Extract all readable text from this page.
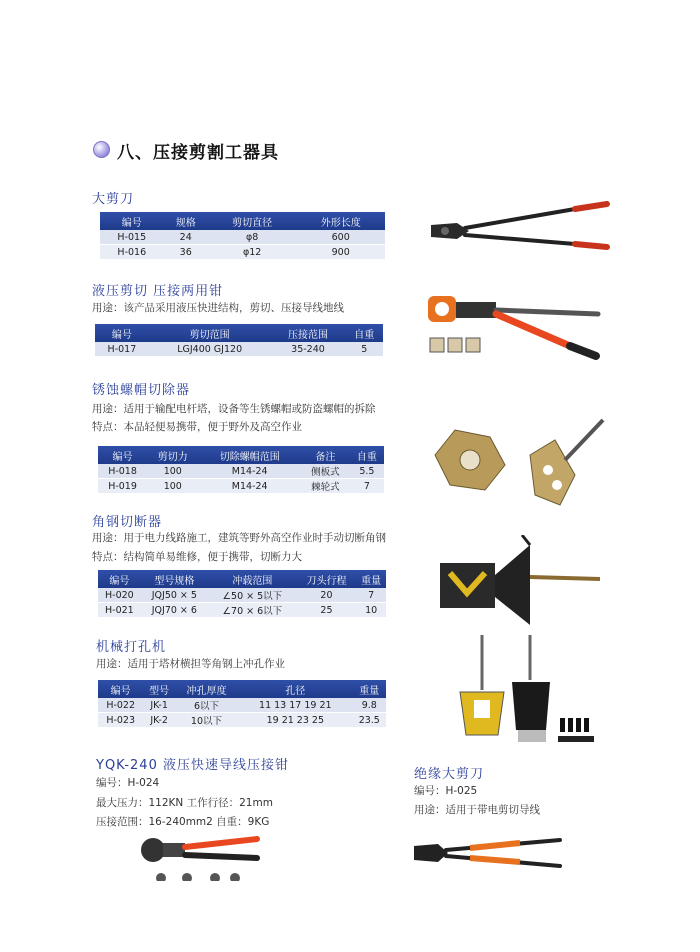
八、压接剪割工器具
大剪刀
编号	规格	剪切直径	外形长度
H-015	24	φ8	600
H-016	36	φ12	900
液压剪切 压接两用钳
用途：该产品采用液压快进结构，剪切、压接导线地线
编号	剪切范围	压接范围	自重
H-017	LGJ400 GJ120	35-240	5
锈蚀螺帽切除器
用途：适用于输配电杆塔，设备等生锈螺帽或防盗螺帽的拆除
特点：本品轻便易携带，便于野外及高空作业
编号	剪切力	切除螺帽范围	备注	自重
H-018	100	M14-24	侧板式	5.5
H-019	100	M14-24	棘轮式	7
角钢切断器
用途：用于电力线路施工，建筑等野外高空作业时手动切断角钢
特点：结构简单易维修，便于携带，切断力大
编号	型号规格	冲载范围	刀头行程	重量
H-020	JQJ50 × 5	∠50 × 5以下	20	7
H-021	JQJ70 × 6	∠70 × 6以下	25	10
机械打孔机
用途：适用于塔材横担等角钢上冲孔作业
编号	型号	冲孔厚度	孔径	重量
H-022	JK-1	6以下	11 13 17 19 21	9.8
H-023	JK-2	10以下	19 21 23 25	23.5
YQK-240 液压快速导线压接钳
编号：H-024
最大压力：112KN 工作行径：21mm
压接范围：16-240mm2 自重：9KG
绝缘大剪刀
编号：H-025
用途：适用于带电剪切导线
